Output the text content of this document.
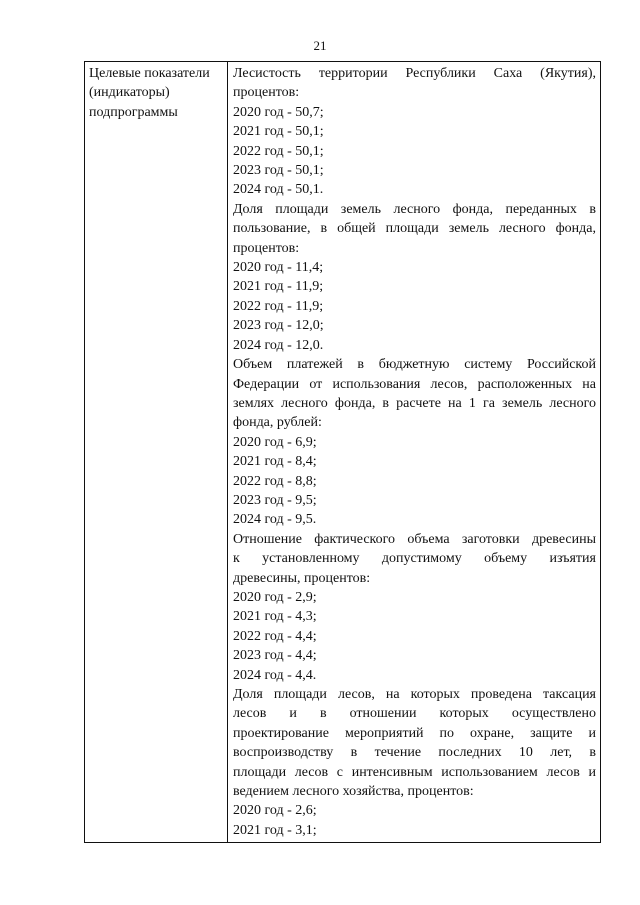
21
Целевые показатели
(индикаторы)
подпрограммы
Лесистость территории Республики Саха (Якутия),
процентов:
2020 год - 50,7;
2021 год - 50,1;
2022 год - 50,1;
2023 год - 50,1;
2024 год - 50,1.
Доля площади земель лесного фонда, переданных в
пользование, в общей площади земель лесного фонда,
процентов:
2020 год - 11,4;
2021 год - 11,9;
2022 год - 11,9;
2023 год - 12,0;
2024 год - 12,0.
Объем платежей в бюджетную систему Российской
Федерации от использования лесов, расположенных на
землях лесного фонда, в расчете на 1 га земель лесного
фонда, рублей:
2020 год - 6,9;
2021 год - 8,4;
2022 год - 8,8;
2023 год - 9,5;
2024 год - 9,5.
Отношение фактического объема заготовки древесины
к установленному допустимому объему изъятия
древесины, процентов:
2020 год - 2,9;
2021 год - 4,3;
2022 год - 4,4;
2023 год - 4,4;
2024 год - 4,4.
Доля площади лесов, на которых проведена таксация
лесов и в отношении которых осуществлено
проектирование мероприятий по охране, защите и
воспроизводству в течение последних 10 лет, в
площади лесов с интенсивным использованием лесов и
ведением лесного хозяйства, процентов:
2020 год - 2,6;
2021 год - 3,1;
